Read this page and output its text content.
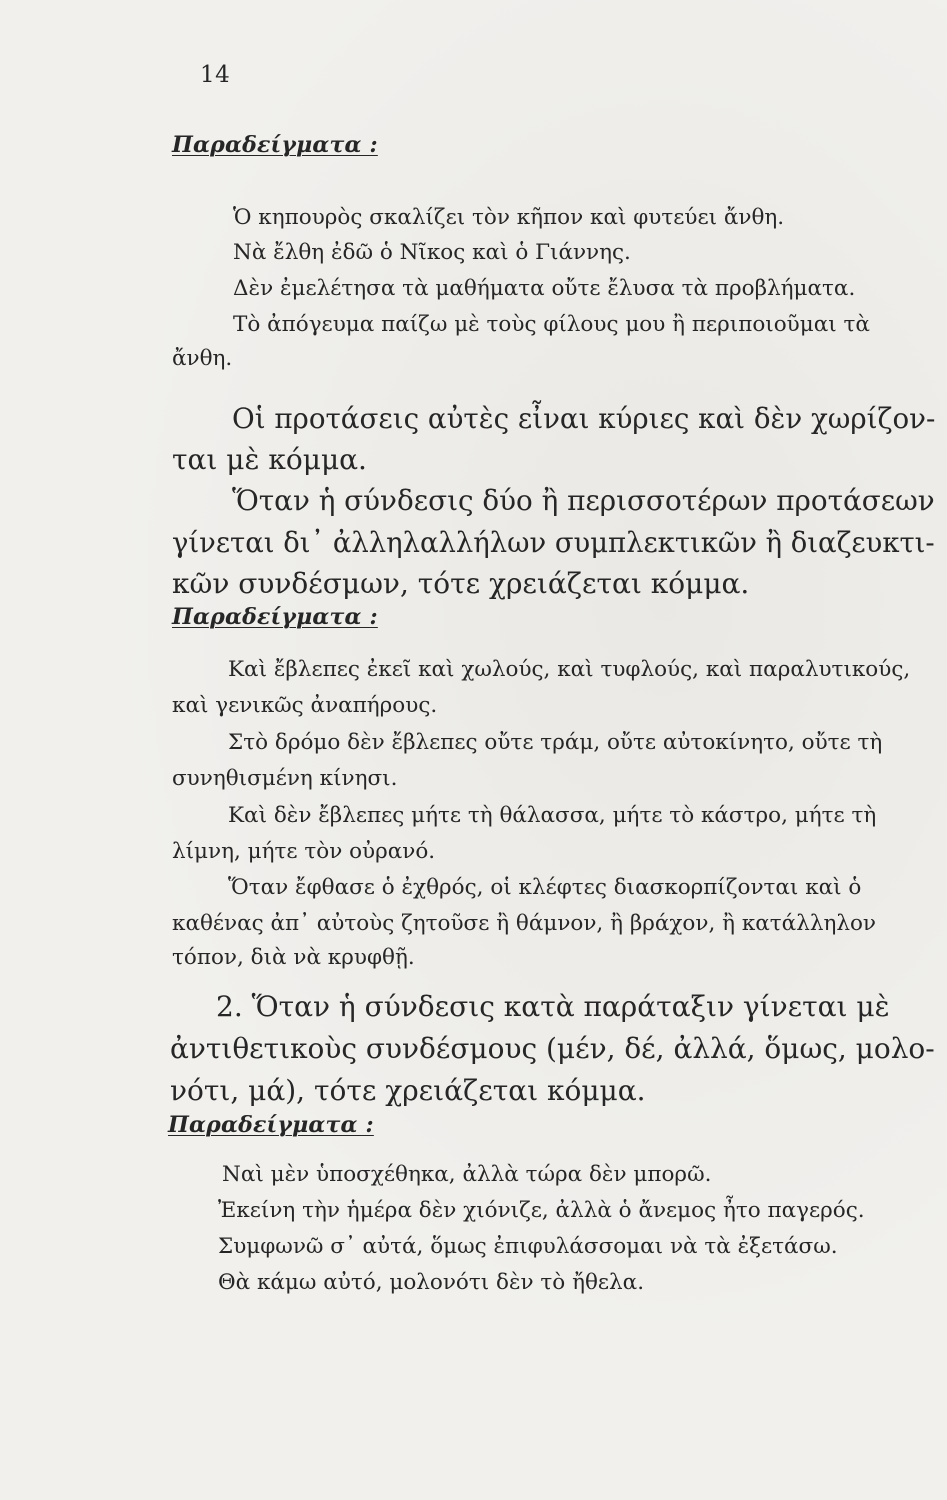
14
Παραδείγματα :
Ὁ κηπουρὸς σκαλίζει τὸν κῆπον καὶ φυτεύει ἄνθη.
Νὰ ἔλθη ἐδῶ ὁ Νῖκος καὶ ὁ Γιάννης.
Δὲν ἐμελέτησα τὰ μαθήματα οὔτε ἔλυσα τὰ προβλήματα.
Τὸ ἀπόγευμα παίζω μὲ τοὺς φίλους μου ἢ περιποιοῦμαι τὰ
ἄνθη.
Οἱ προτάσεις αὐτὲς εἶναι κύριες καὶ δὲν χωρίζον-
ται μὲ κόμμα.
Ὅταν ἡ σύνδεσις δύο ἢ περισσοτέρων προτάσεων
γίνεται δι᾽ ἀλληλαλλήλων συμπλεκτικῶν ἢ διαζευκτι-
κῶν συνδέσμων, τότε χρειάζεται κόμμα.
Παραδείγματα :
Καὶ ἔβλεπες ἐκεῖ καὶ χωλούς, καὶ τυφλούς, καὶ παραλυτικούς,
καὶ γενικῶς ἀναπήρους.
Στὸ δρόμο δὲν ἔβλεπες οὔτε τράμ, οὔτε αὐτοκίνητο, οὔτε τὴ
συνηθισμένη κίνησι.
Καὶ δὲν ἔβλεπες μήτε τὴ θάλασσα, μήτε τὸ κάστρο, μήτε τὴ
λίμνη, μήτε τὸν οὐρανό.
Ὅταν ἔφθασε ὁ ἐχθρός, οἱ κλέφτες διασκορπίζονται καὶ ὁ
καθένας ἀπ᾽ αὐτοὺς ζητοῦσε ἢ θάμνον, ἢ βράχον, ἢ κατάλληλον
τόπον, διὰ νὰ κρυφθῇ.
2. Ὅταν ἡ σύνδεσις κατὰ παράταξιν γίνεται μὲ
ἀντιθετικοὺς συνδέσμους (μέν, δέ, ἀλλά, ὅμως, μολο-
νότι, μά), τότε χρειάζεται κόμμα.
Παραδείγματα :
Ναὶ μὲν ὑποσχέθηκα, ἀλλὰ τώρα δὲν μπορῶ.
Ἐκείνη τὴν ἡμέρα δὲν χιόνιζε, ἀλλὰ ὁ ἄνεμος ἦτο παγερός.
Συμφωνῶ σ᾽ αὐτά, ὅμως ἐπιφυλάσσομαι νὰ τὰ ἐξετάσω.
Θὰ κάμω αὐτό, μολονότι δὲν τὸ ἤθελα.
